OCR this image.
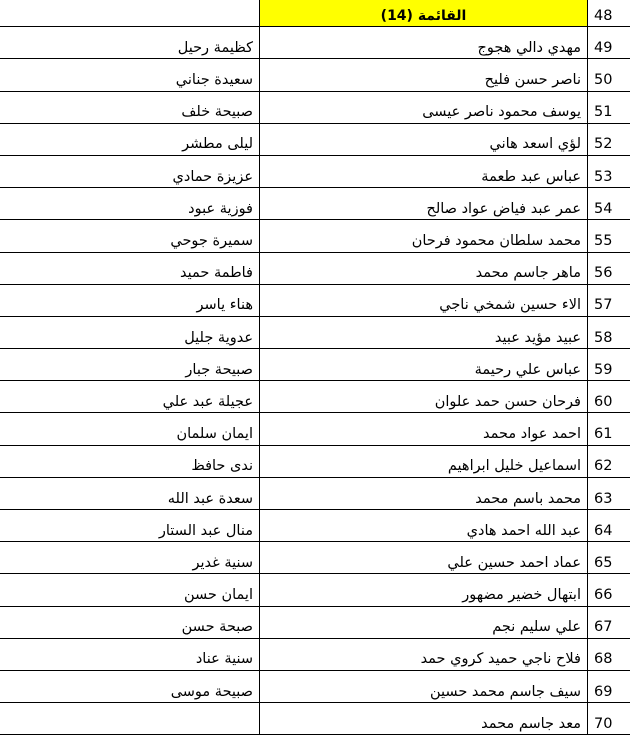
	القائمة (14)	48
كظيمة رحيل	مهدي دالي هجوج	49
سعيدة جناني	ناصر حسن فليح	50
صبيحة خلف	يوسف محمود ناصر عيسى	51
ليلى مطشر	لؤي اسعد هاني	52
عزيزة حمادي	عباس عبد طعمة	53
فوزية عبود	عمر عبد فياض عواد صالح	54
سميرة جوحي	محمد سلطان محمود فرحان	55
فاطمة حميد	ماهر جاسم محمد	56
هناء ياسر	الاء حسين شمخي ناجي	57
عدوية جليل	عبيد مؤيد عبيد	58
صبيحة جبار	عباس علي رحيمة	59
عجيلة عبد علي	فرحان حسن حمد علوان	60
ايمان سلمان	احمد عواد محمد	61
ندى حافظ	اسماعيل خليل ابراهيم	62
سعدة عبد الله	محمد باسم محمد	63
منال عبد الستار	عبد الله احمد هادي	64
سنية غدير	عماد احمد حسين علي	65
ايمان حسن	ابتهال خضير مضهور	66
صبحة حسن	علي سليم نجم	67
سنية عناد	فلاح ناجي حميد كروي حمد	68
صبيحة موسى	سيف جاسم محمد حسين	69
	معد جاسم محمد	70
